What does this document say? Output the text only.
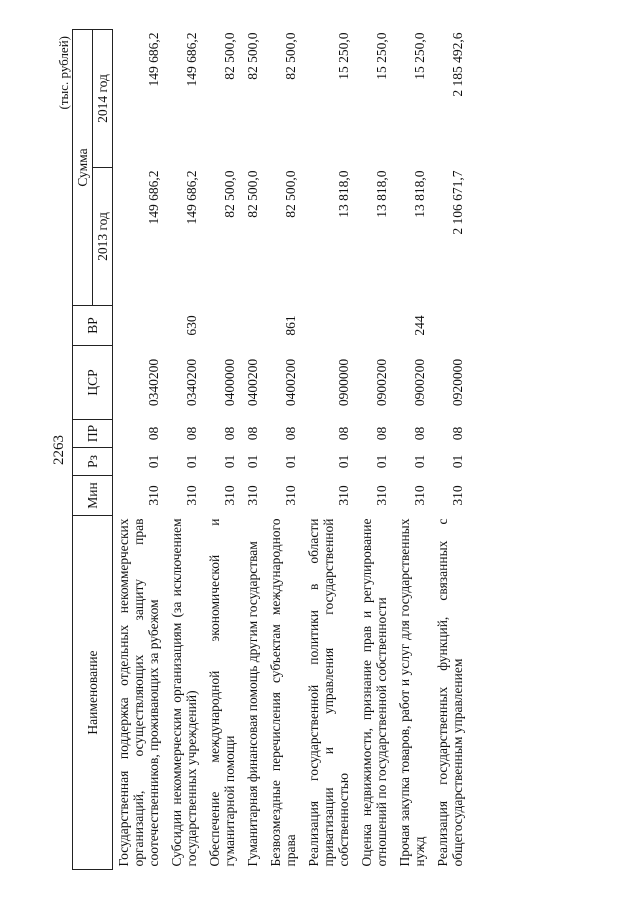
2263
(тыс. рублей)
Наименование	Мин	Рз	ПР	ЦСР	ВР	Сумма	
						2013 год	2014 год
Государственная поддержка отдельных некоммерческих организаций, осуществляющих защиту прав соотечественников, проживающих за рубежом	310	01	08	0340200		149 686,2	149 686,2
Субсидии некоммерческим организациям (за исключением государственных учреждений)	310	01	08	0340200	630	149 686,2	149 686,2
Обеспечение международной экономической и гуманитарной помощи	310	01	08	0400000		82 500,0	82 500,0
Гуманитарная финансовая помощь другим государствам	310	01	08	0400200		82 500,0	82 500,0
Безвозмездные перечисления субъектам международного права	310	01	08	0400200	861	82 500,0	82 500,0
Реализация государственной политики в области приватизации и управления государственной собственностью	310	01	08	0900000		13 818,0	15 250,0
Оценка недвижимости, признание прав и регулирование отношений по государственной собственности	310	01	08	0900200		13 818,0	15 250,0
Прочая закупка товаров, работ и услуг для государственных нужд	310	01	08	0900200	244	13 818,0	15 250,0
Реализация государственных функций, связанных с общегосударственным управлением	310	01	08	0920000		2 106 671,7	2 185 492,6
